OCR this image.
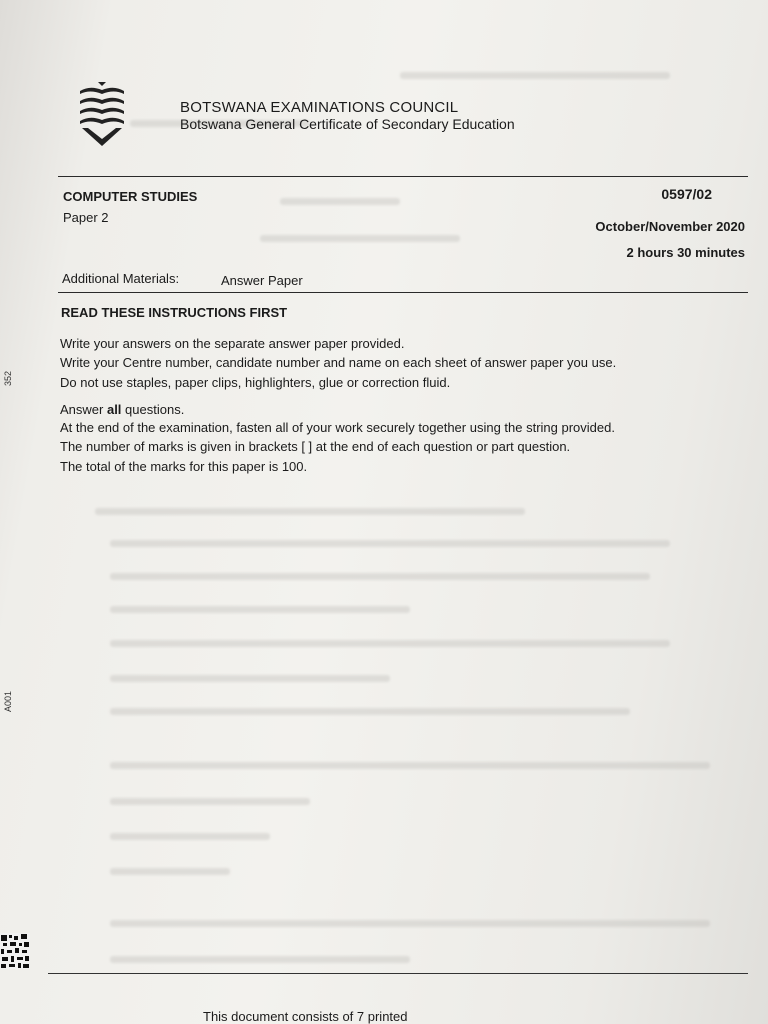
BOTSWANA EXAMINATIONS COUNCIL
Botswana General Certificate of Secondary Education
COMPUTER STUDIES	0597/02
Paper 2
October/November 2020
2 hours 30 minutes
Additional Materials:	Answer Paper
READ THESE INSTRUCTIONS FIRST
Write your answers on the separate answer paper provided.
Write your Centre number, candidate number and name on each sheet of answer paper you use.
Do not use staples, paper clips, highlighters, glue or correction fluid.
Answer all questions.
At the end of the examination, fasten all of your work securely together using the string provided.
The number of marks is given in brackets [ ] at the end of each question or part question.
The total of the marks for this paper is 100.
352
A001
This document consists of 7 printed
